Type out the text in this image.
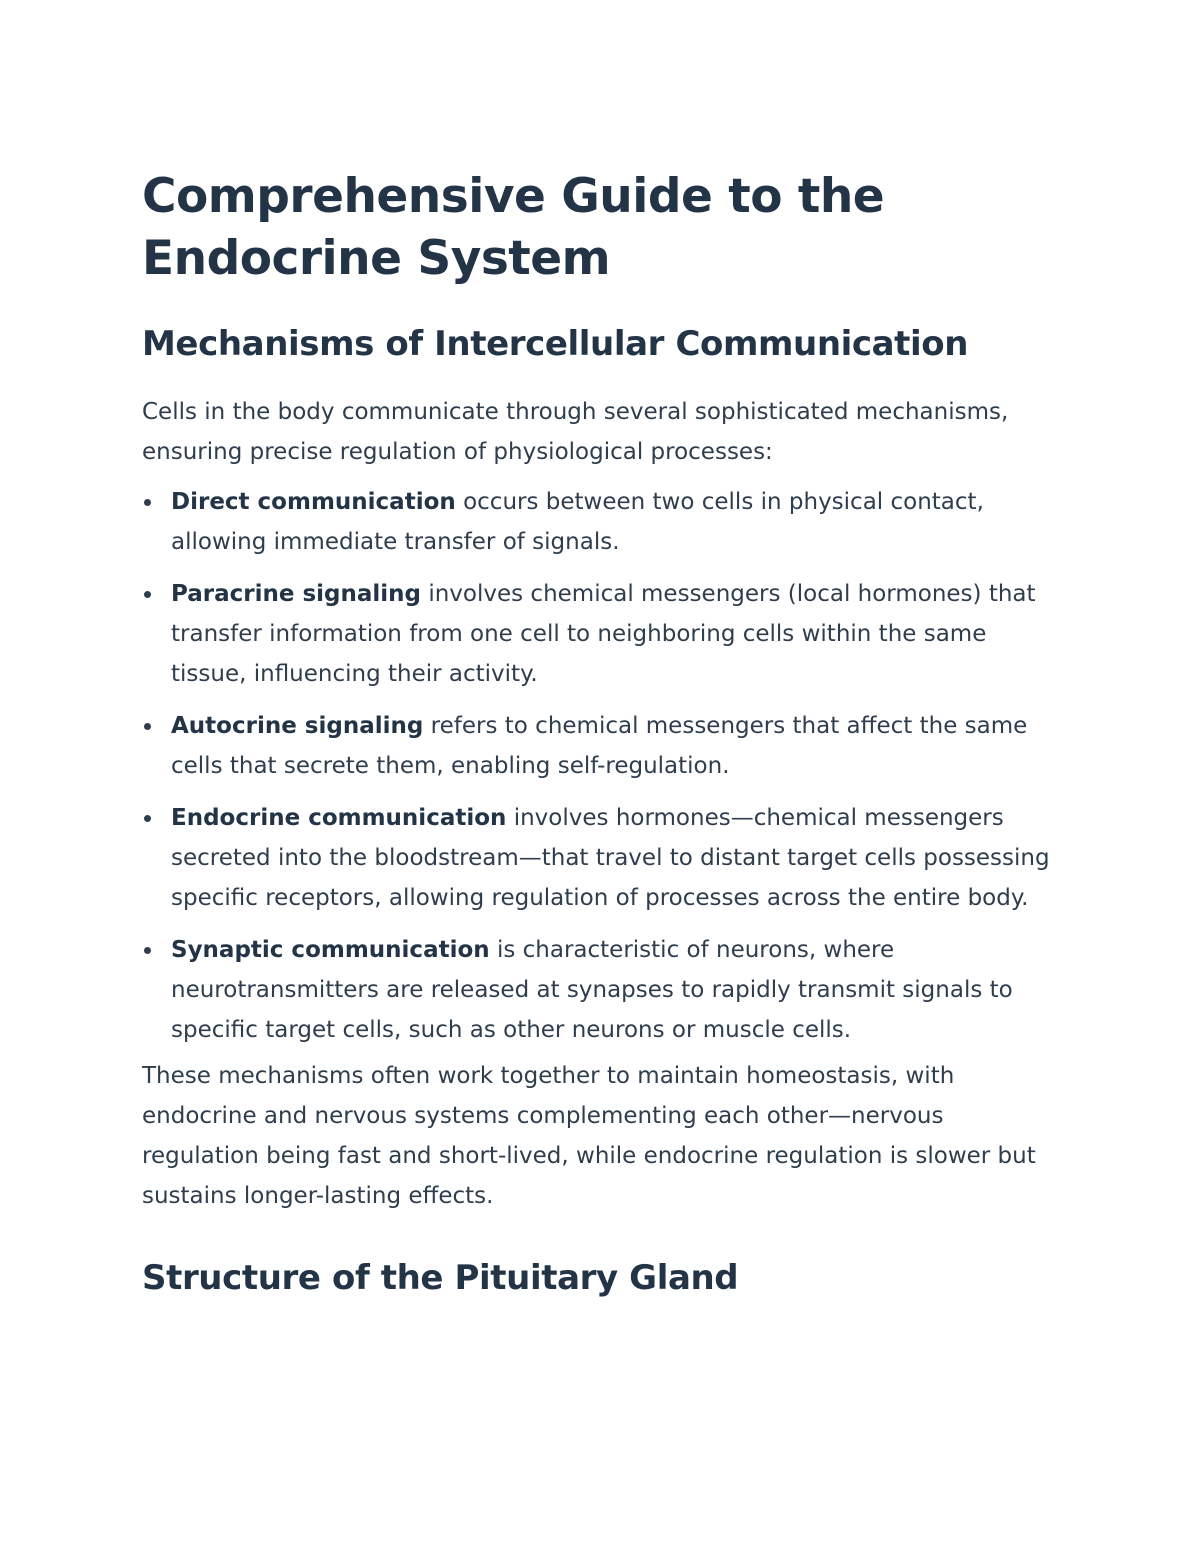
Comprehensive Guide to the Endocrine System
Mechanisms of Intercellular Communication

Cells in the body communicate through several sophisticated mechanisms, ensuring precise regulation of physiological processes:

Direct communication occurs between two cells in physical contact, allowing immediate transfer of signals.
Paracrine signaling involves chemical messengers (local hormones) that transfer information from one cell to neighboring cells within the same tissue, influencing their activity.
Autocrine signaling refers to chemical messengers that affect the same cells that secrete them, enabling self-regulation.
Endocrine communication involves hormones—chemical messengers secreted into the bloodstream—that travel to distant target cells possessing specific receptors, allowing regulation of processes across the entire body.
Synaptic communication is characteristic of neurons, where neurotransmitters are released at synapses to rapidly transmit signals to specific target cells, such as other neurons or muscle cells.

These mechanisms often work together to maintain homeostasis, with endocrine and nervous systems complementing each other—nervous regulation being fast and short-lived, while endocrine regulation is slower but sustains longer-lasting effects.

Structure of the Pituitary Gland
